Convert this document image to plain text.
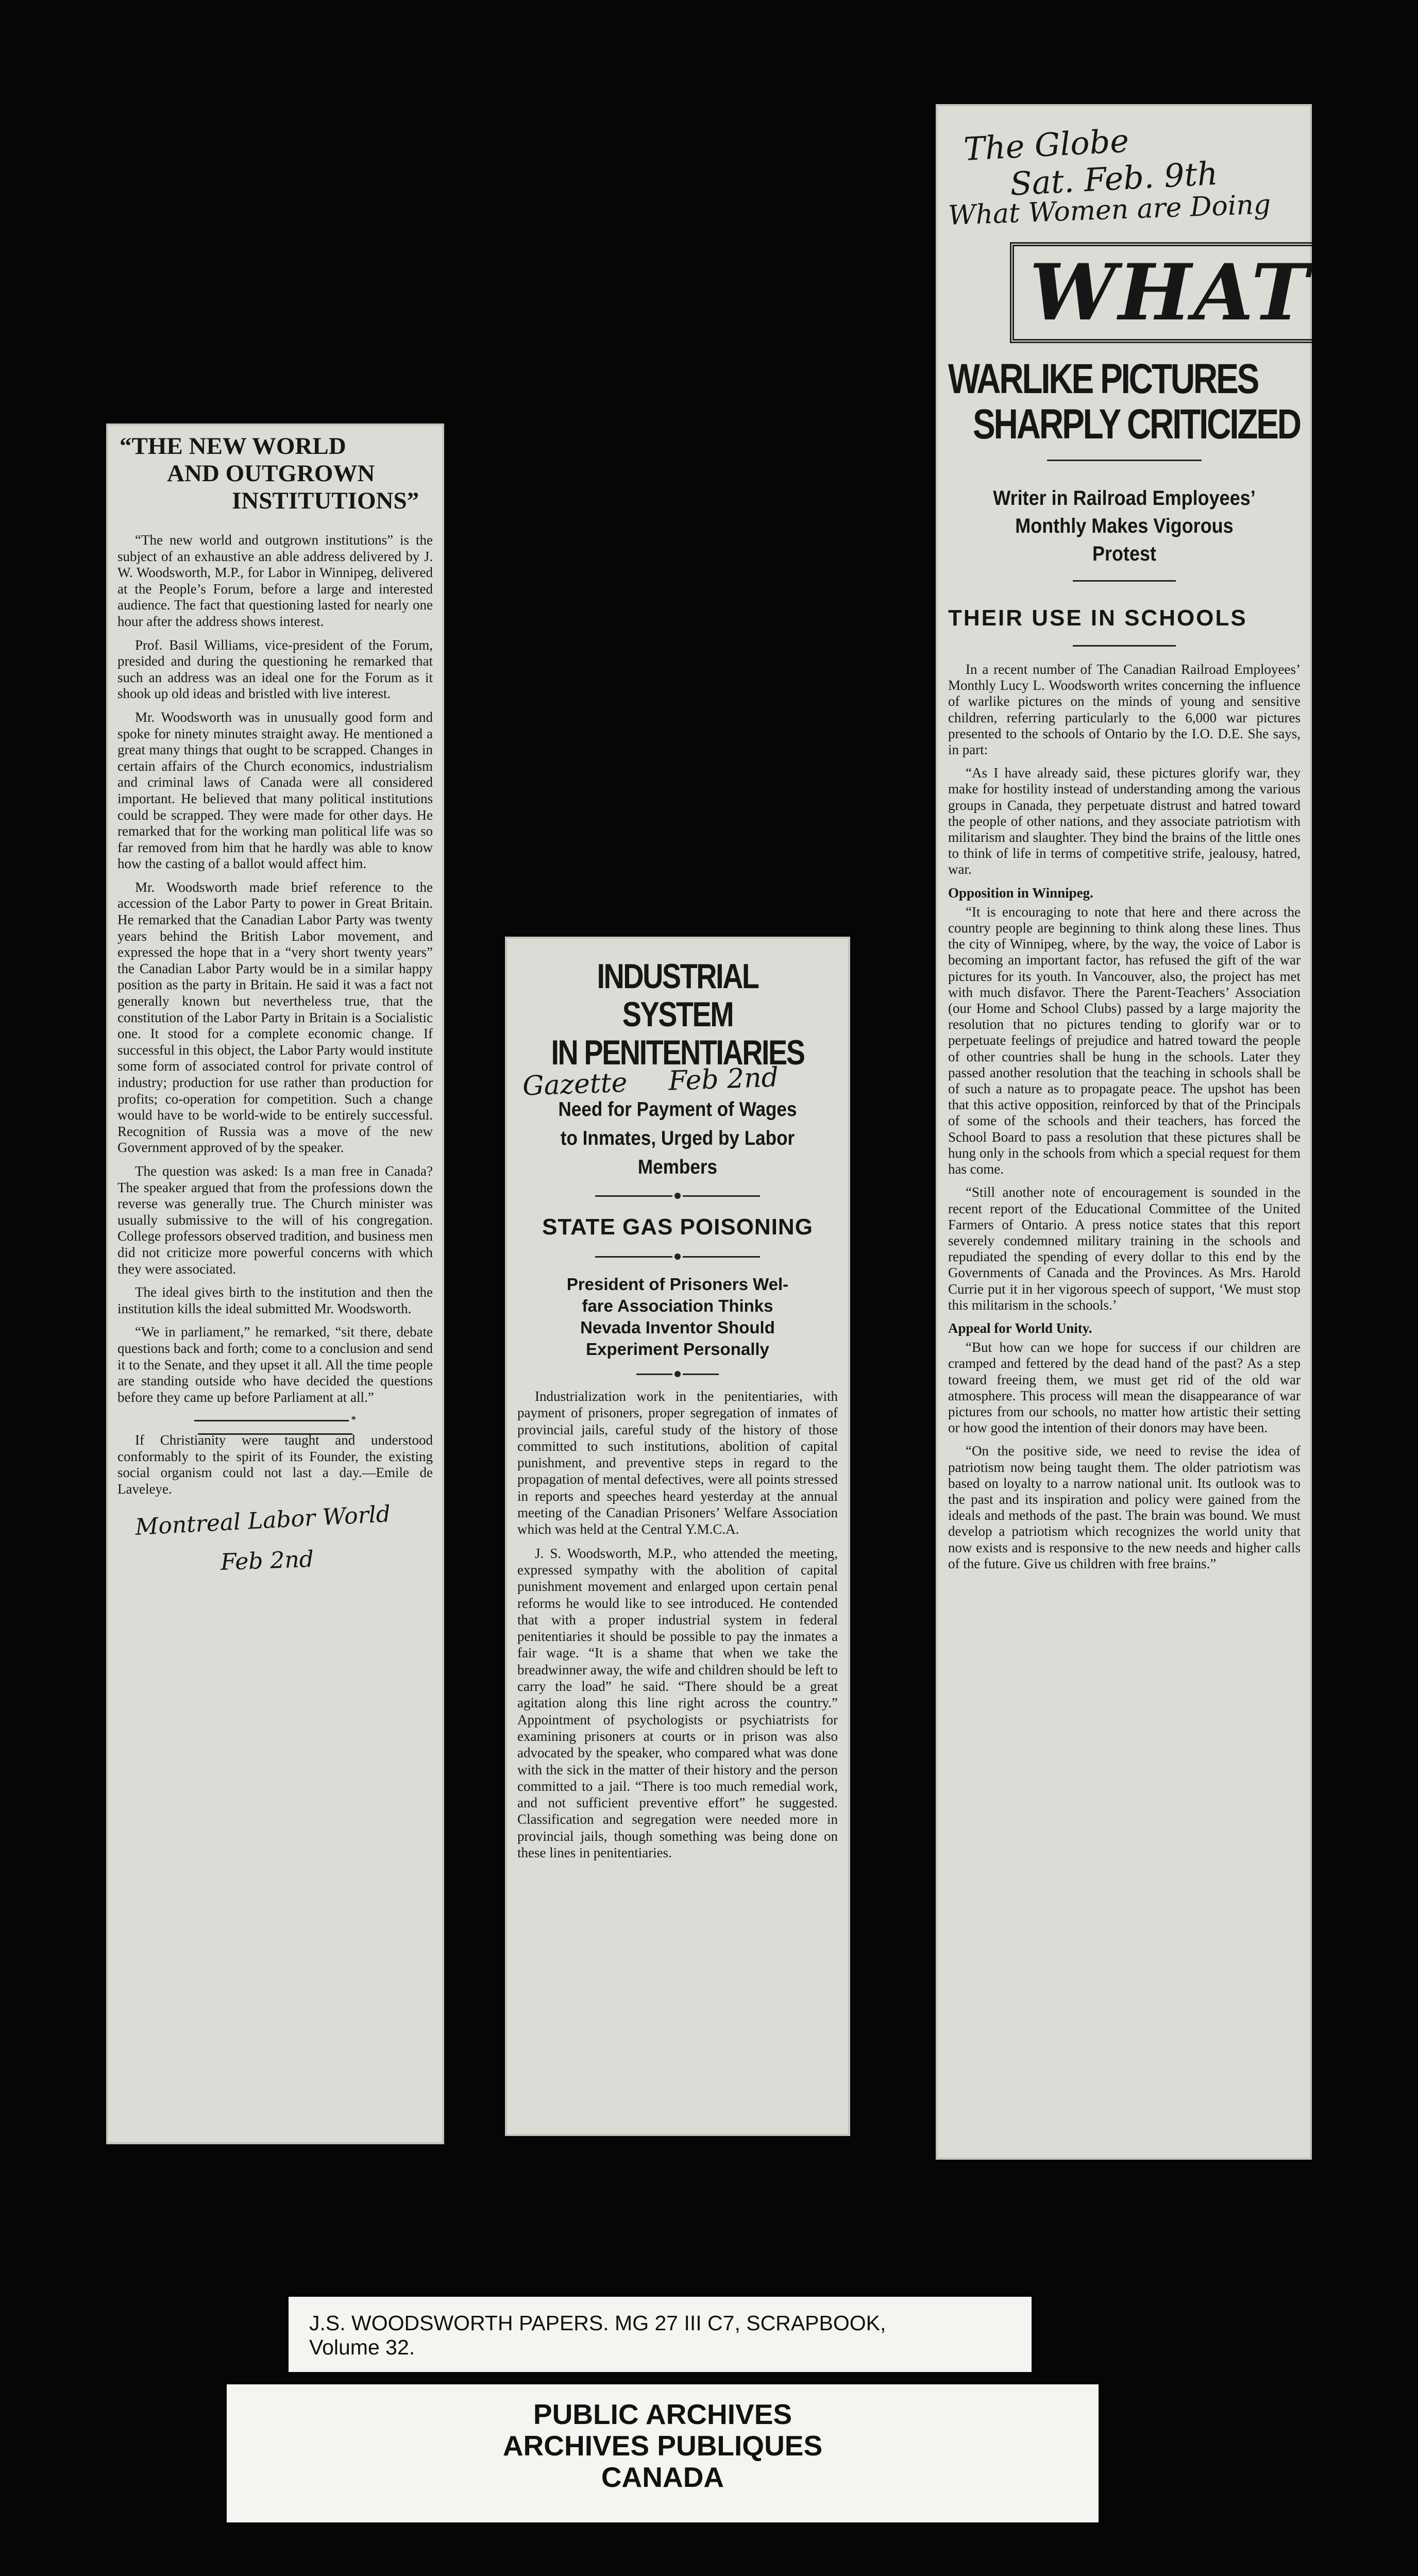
“THE NEW WORLD
AND OUTGROWN
INSTITUTIONS”

“The new world and outgrown institutions” is the subject of an exhaustive an able address delivered by J. W. Woodsworth, M.P., for Labor in Winnipeg, delivered at the People’s Forum, before a large and interested audience. The fact that questioning lasted for nearly one hour after the address shows interest.

Prof. Basil Williams, vice-president of the Forum, presided and during the questioning he remarked that such an address was an ideal one for the Forum as it shook up old ideas and bristled with live interest.

Mr. Woodsworth was in unusually good form and spoke for ninety minutes straight away. He mentioned a great many things that ought to be scrapped. Changes in certain affairs of the Church economics, industrialism and criminal laws of Canada were all considered important. He believed that many political institutions could be scrapped. They were made for other days. He remarked that for the working man political life was so far removed from him that he hardly was able to know how the casting of a ballot would affect him.

Mr. Woodsworth made brief reference to the accession of the Labor Party to power in Great Britain. He remarked that the Canadian Labor Party was twenty years behind the British Labor movement, and expressed the hope that in a “very short twenty years” the Canadian Labor Party would be in a similar happy position as the party in Britain. He said it was a fact not generally known but nevertheless true, that the constitution of the Labor Party in Britain is a Socialistic one. It stood for a complete economic change. If successful in this object, the Labor Party would institute some form of associated control for private control of industry; production for use rather than production for profits; co-operation for competition. Such a change would have to be world-wide to be entirely successful. Recognition of Russia was a move of the new Government approved of by the speaker.

The question was asked: Is a man free in Canada? The speaker argued that from the professions down the reverse was generally true. The Church minister was usually submissive to the will of his congregation. College professors observed tradition, and business men did not criticize more powerful concerns with which they were associated.

The ideal gives birth to the institution and then the institution kills the ideal submitted Mr. Woodsworth.

“We in parliament,” he remarked, “sit there, debate questions back and forth; come to a conclusion and send it to the Senate, and they upset it all. All the time people are standing outside who have decided the questions before they came up before Parliament at all.”

*

If Christianity were taught and understood conformably to the spirit of its Founder, the existing social organism could not last a day.—Emile de Laveleye.

Montreal Labor World
Feb 2nd
INDUSTRIAL SYSTEM
IN PENITENTIARIES
Gazette Feb 2nd
Need for Payment of Wages
to Inmates, Urged by Labor
Members
STATE GAS POISONING
President of Prisoners Wel-
fare Association Thinks
Nevada Inventor Should
Experiment Personally

Industrialization work in the penitentiaries, with payment of prisoners, proper segregation of inmates of provincial jails, careful study of the history of those committed to such institutions, abolition of capital punishment, and preventive steps in regard to the propagation of mental defectives, were all points stressed in reports and speeches heard yesterday at the annual meeting of the Canadian Prisoners’ Welfare Association which was held at the Central Y.M.C.A.

J. S. Woodsworth, M.P., who attended the meeting, expressed sympathy with the abolition of capital punishment movement and enlarged upon certain penal reforms he would like to see introduced. He contended that with a proper industrial system in federal penitentiaries it should be possible to pay the inmates a fair wage. “It is a shame that when we take the breadwinner away, the wife and children should be left to carry the load” he said. “There should be a great agitation along this line right across the country.” Appointment of psychologists or psychiatrists for examining prisoners at courts or in prison was also advocated by the speaker, who compared what was done with the sick in the matter of their history and the person committed to a jail. “There is too much remedial work, and not sufficient preventive effort” he suggested. Classification and segregation were needed more in provincial jails, though something was being done on these lines in penitentiaries.

The Globe
Sat. Feb. 9th
What Women are Doing
WHAT
WARLIKE PICTURES
SHARPLY CRITICIZED
Writer in Railroad Employees’
Monthly Makes Vigorous
Protest
THEIR USE IN SCHOOLS

In a recent number of The Canadian Railroad Employees’ Monthly Lucy L. Woodsworth writes concerning the influence of warlike pictures on the minds of young and sensitive children, referring particularly to the 6,000 war pictures presented to the schools of Ontario by the I.O. D.E. She says, in part:

“As I have already said, these pictures glorify war, they make for hostility instead of understanding among the various groups in Canada, they perpetuate distrust and hatred toward the people of other nations, and they associate patriotism with militarism and slaughter. They bind the brains of the little ones to think of life in terms of competitive strife, jealousy, hatred, war.

Opposition in Winnipeg.

“It is encouraging to note that here and there across the country people are beginning to think along these lines. Thus the city of Winnipeg, where, by the way, the voice of Labor is becoming an important factor, has refused the gift of the war pictures for its youth. In Vancouver, also, the project has met with much disfavor. There the Parent-Teachers’ Association (our Home and School Clubs) passed by a large majority the resolution that no pictures tending to glorify war or to perpetuate feelings of prejudice and hatred toward the people of other countries shall be hung in the schools. Later they passed another resolution that the teaching in schools shall be of such a nature as to propagate peace. The upshot has been that this active opposition, reinforced by that of the Principals of some of the schools and their teachers, has forced the School Board to pass a resolution that these pictures shall be hung only in the schools from which a special request for them has come.

“Still another note of encouragement is sounded in the recent report of the Educational Committee of the United Farmers of Ontario. A press notice states that this report severely condemned military training in the schools and repudiated the spending of every dollar to this end by the Governments of Canada and the Provinces. As Mrs. Harold Currie put it in her vigorous speech of support, ‘We must stop this militarism in the schools.’

Appeal for World Unity.

“But how can we hope for success if our children are cramped and fettered by the dead hand of the past? As a step toward freeing them, we must get rid of the old war atmosphere. This process will mean the disappearance of war pictures from our schools, no matter how artistic their setting or how good the intention of their donors may have been.

“On the positive side, we need to revise the idea of patriotism now being taught them. The older patriotism was based on loyalty to a narrow national unit. Its outlook was to the past and its inspiration and policy were gained from the ideals and methods of the past. The brain was bound. We must develop a patriotism which recognizes the world unity that now exists and is responsive to the new needs and higher calls of the future. Give us children with free brains.”

J.S. WOODSWORTH PAPERS. MG 27 III C7, SCRAPBOOK,
Volume 32.
PUBLIC ARCHIVES
ARCHIVES PUBLIQUES
CANADA
